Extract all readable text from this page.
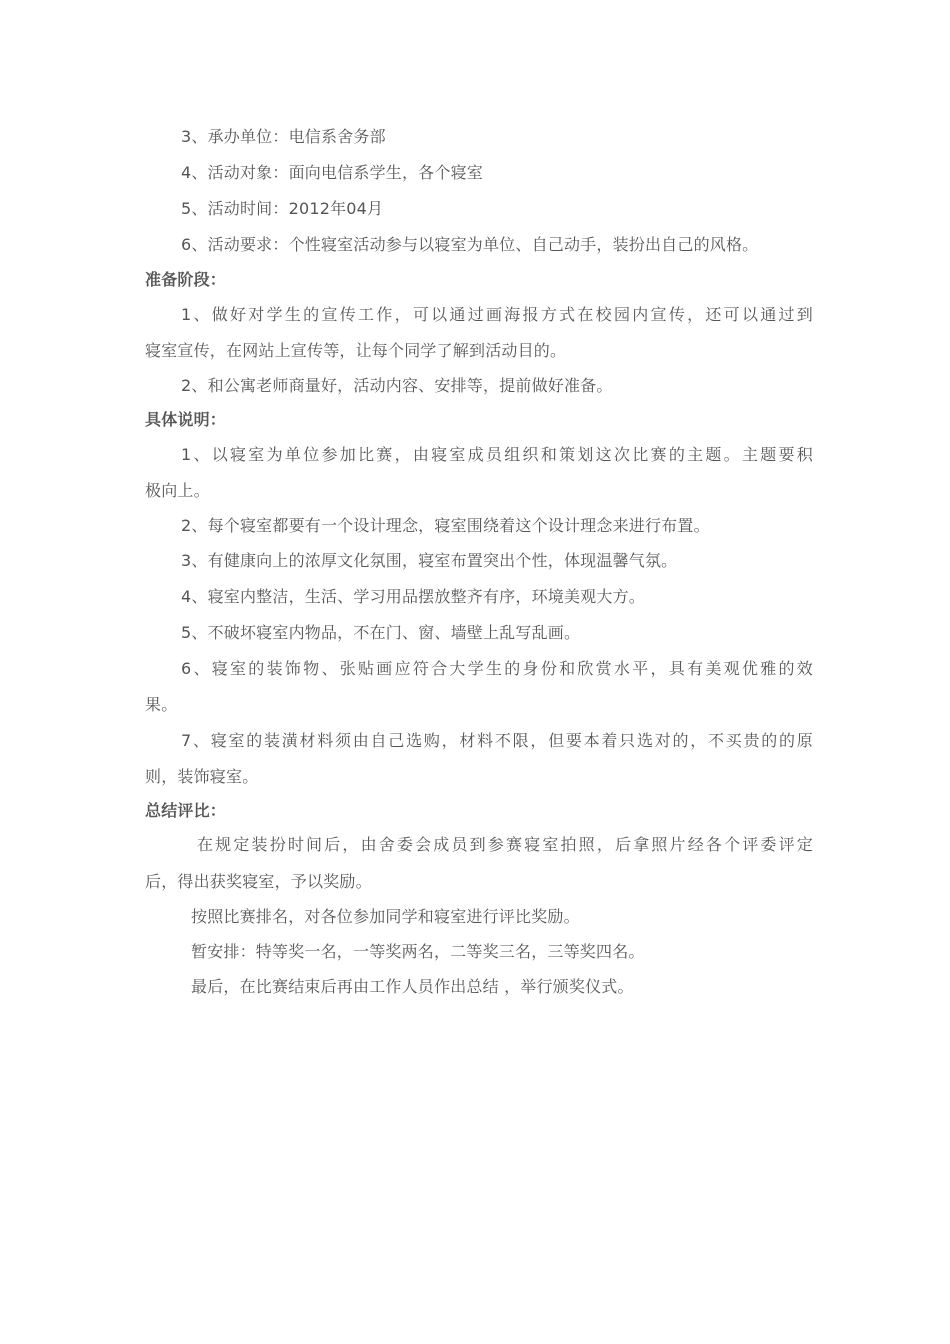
3、承办单位：电信系舍务部
4、活动对象：面向电信系学生，各个寝室
5、活动时间：2012年04月
6、活动要求：个性寝室活动参与以寝室为单位、自己动手，装扮出自己的风格。
准备阶段：
1、做好对学生的宣传工作，可以通过画海报方式在校园内宣传，还可以通过到
寝室宣传，在网站上宣传等，让每个同学了解到活动目的。
2、和公寓老师商量好，活动内容、安排等，提前做好准备。
具体说明：
1、以寝室为单位参加比赛，由寝室成员组织和策划这次比赛的主题。主题要积
极向上。
2、每个寝室都要有一个设计理念，寝室围绕着这个设计理念来进行布置。
3、有健康向上的浓厚文化氛围，寝室布置突出个性，体现温馨气氛。
4、寝室内整洁，生活、学习用品摆放整齐有序，环境美观大方。
5、不破坏寝室内物品，不在门、窗、墙壁上乱写乱画。
6、寝室的装饰物、张贴画应符合大学生的身份和欣赏水平，具有美观优雅的效
果。
7、寝室的装潢材料须由自己选购，材料不限，但要本着只选对的，不买贵的的原
则，装饰寝室。
总结评比：
在规定装扮时间后，由舍委会成员到参赛寝室拍照，后拿照片经各个评委评定
后，得出获奖寝室，予以奖励。
按照比赛排名，对各位参加同学和寝室进行评比奖励。
暂安排：特等奖一名，一等奖两名，二等奖三名，三等奖四名。
最后，在比赛结束后再由工作人员作出总结 ，举行颁奖仪式。
